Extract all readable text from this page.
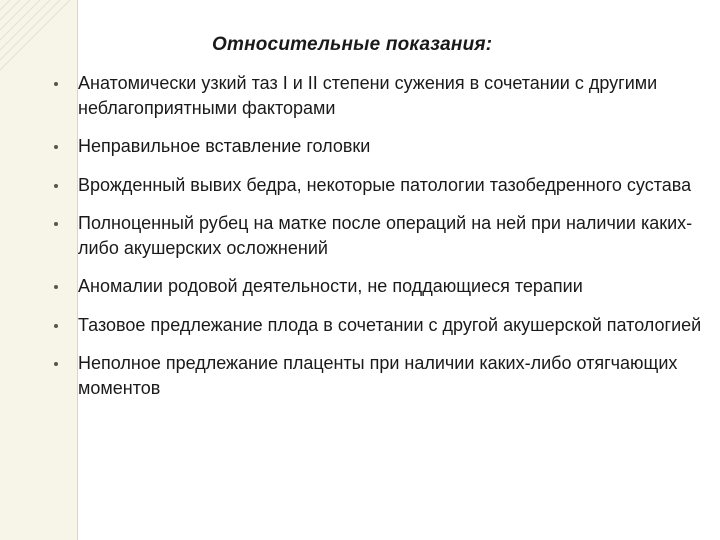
Относительные показания:
Анатомически узкий таз I и II степени сужения в сочетании с другими неблагоприятными факторами
Неправильное вставление головки
Врожденный вывих бедра, некоторые патологии тазобедренного сустава
Полноценный рубец на матке после операций на ней при наличии каких-либо акушерских осложнений
Аномалии родовой деятельности, не поддающиеся терапии
Тазовое предлежание плода в сочетании с другой акушерской патологией
Неполное предлежание плаценты при наличии каких-либо отягчающих моментов
